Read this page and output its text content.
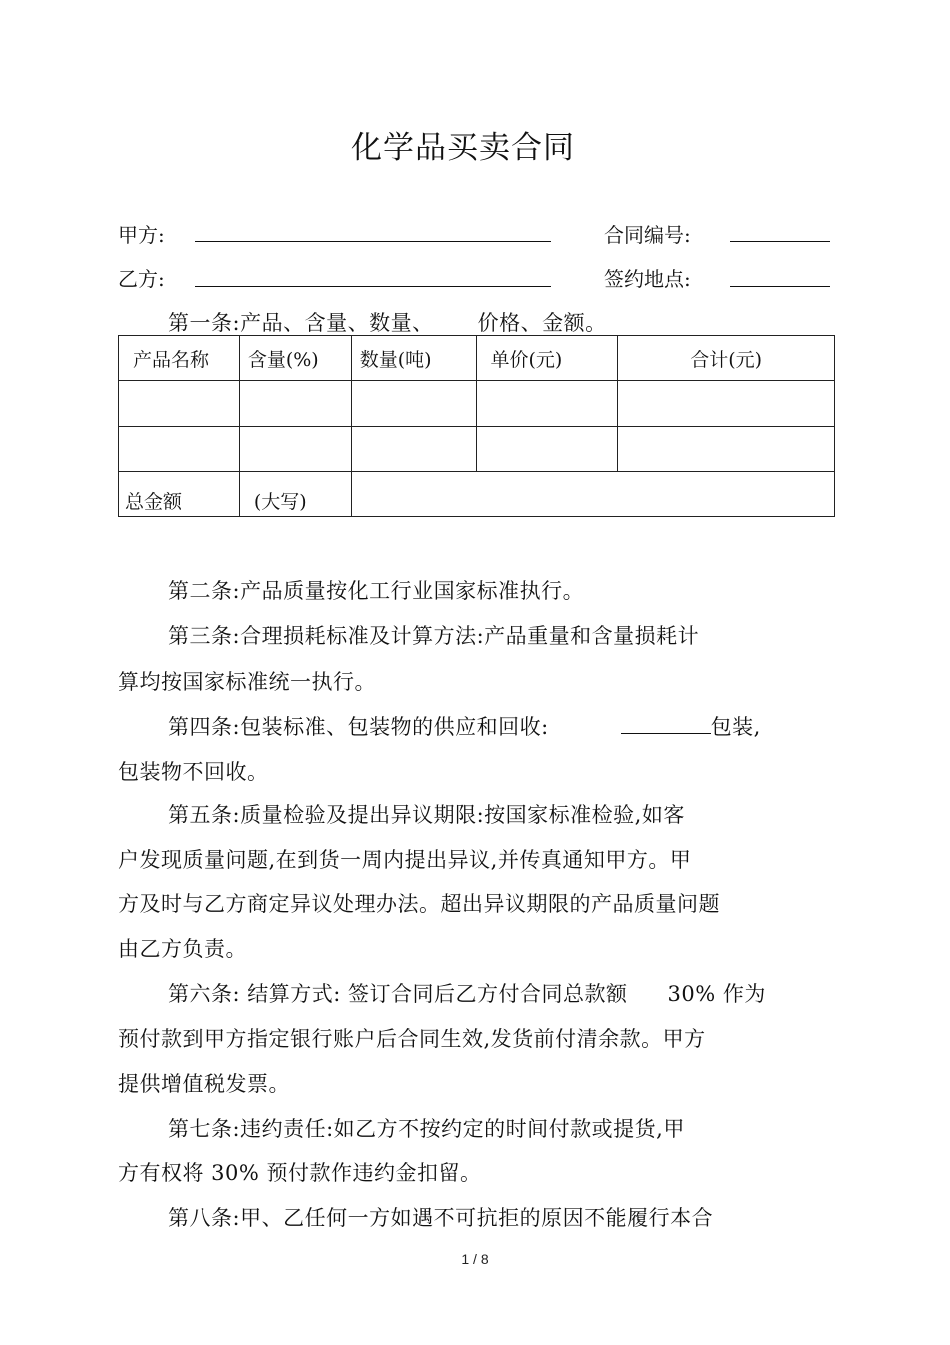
化学品买卖合同
甲方:	合同编号:
乙方:	签约地点:
第一条:产品、含量、数量、 价格、金额。
产品名称	含量(%)	数量(吨)	单价(元)	合计(元)

总金额	(大写)			
第二条:产品质量按化工行业国家标准执行。
第三条:合理损耗标准及计算方法:产品重量和含量损耗计
算均按国家标准统一执行。
第四条:包装标准、包装物的供应和回收:	包装,
包装物不回收。
第五条:质量检验及提出异议期限:按国家标准检验,如客
户发现质量问题,在到货一周内提出异议,并传真通知甲方。甲
方及时与乙方商定异议处理办法。超出异议期限的产品质量问题
由乙方负责。
第六条: 结算方式: 签订合同后乙方付合同总款额 30% 作为
预付款到甲方指定银行账户后合同生效,发货前付清余款。甲方
提供增值税发票。
第七条:违约责任:如乙方不按约定的时间付款或提货,甲
方有权将 30% 预付款作违约金扣留。
第八条:甲、乙任何一方如遇不可抗拒的原因不能履行本合
1 / 8
